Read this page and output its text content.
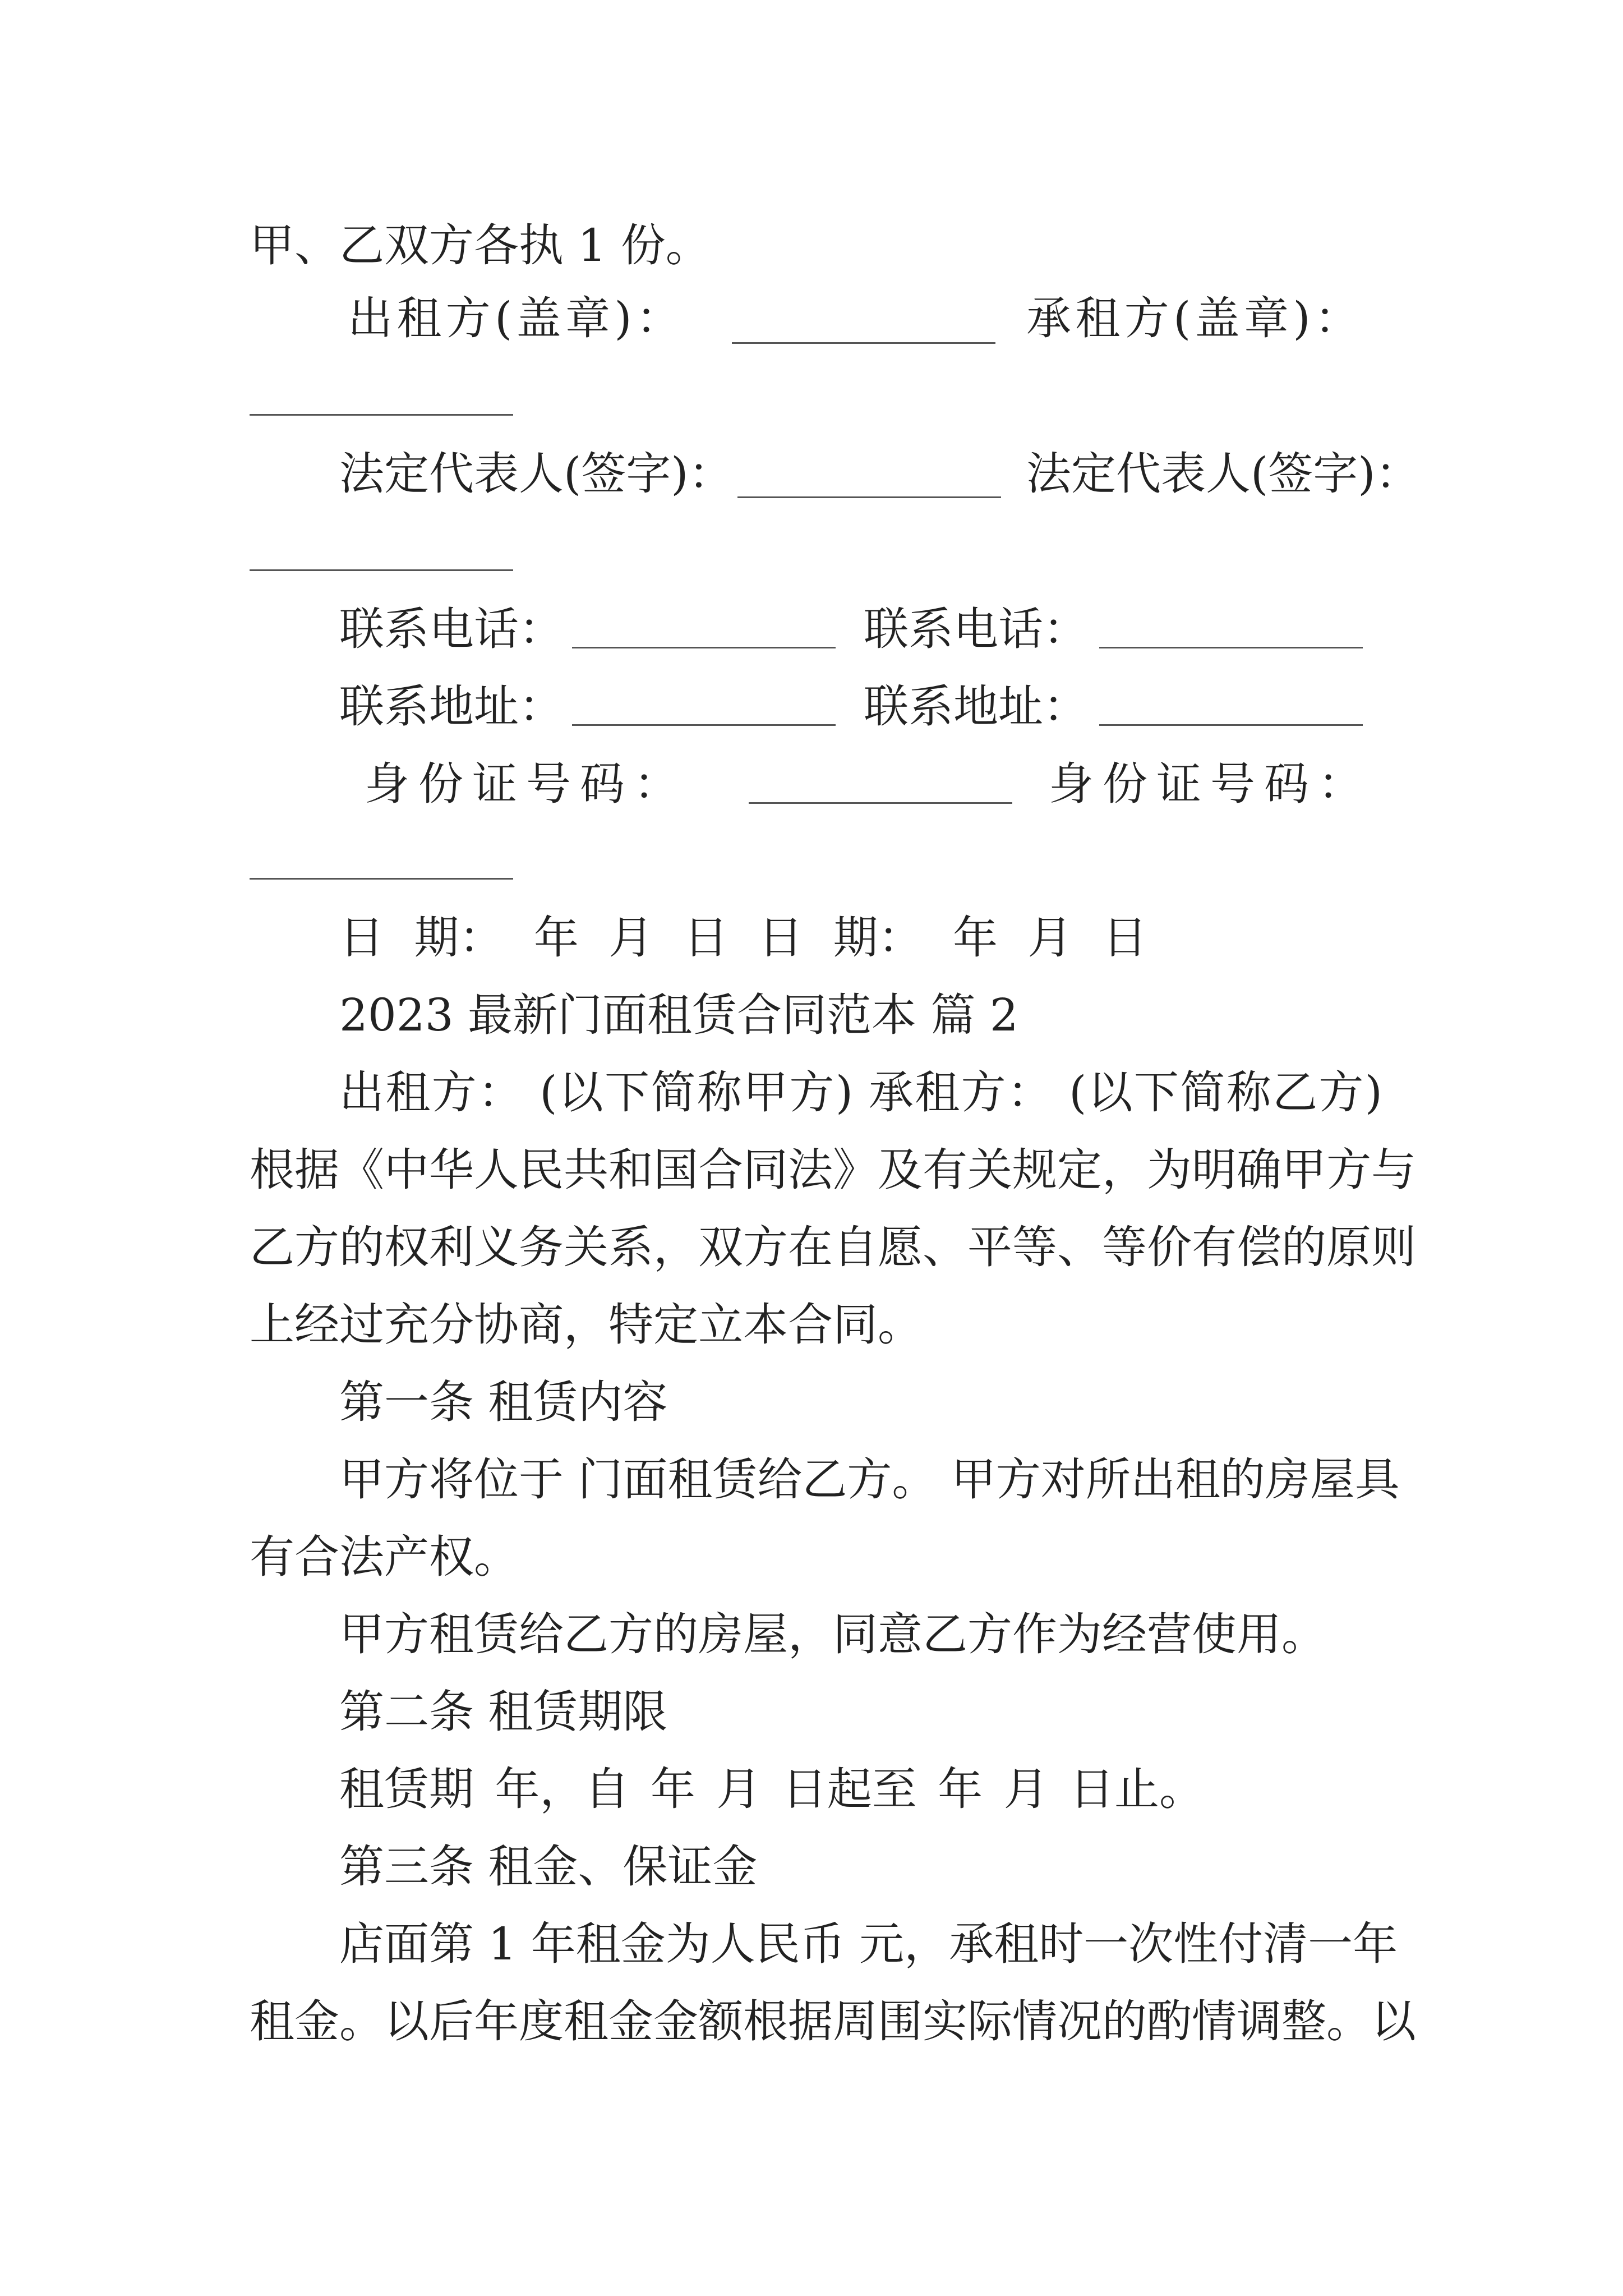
甲、乙双方各执 1 份。
出租方(盖章)：	承租方(盖章)：
法定代表人(签字)：	法定代表人(签字)：
联系电话：	联系电话：
联系地址：	联系地址：
身份证号码：	身份证号码：
日 期： 年 月 日 日 期： 年 月 日
2023 最新门面租赁合同范本 篇 2
出租方： (以下简称甲方) 承租方： (以下简称乙方)
根据《中华人民共和国合同法》及有关规定，为明确甲方与
乙方的权利义务关系，双方在自愿、平等、等价有偿的原则
上经过充分协商，特定立本合同。
第一条 租赁内容
甲方将位于 门面租赁给乙方。 甲方对所出租的房屋具
有合法产权。
甲方租赁给乙方的房屋，同意乙方作为经营使用。
第二条 租赁期限
租赁期 年，自 年 月 日起至 年 月 日止。
第三条 租金、保证金
店面第 1 年租金为人民币 元，承租时一次性付清一年
租金。以后年度租金金额根据周围实际情况的酌情调整。以
